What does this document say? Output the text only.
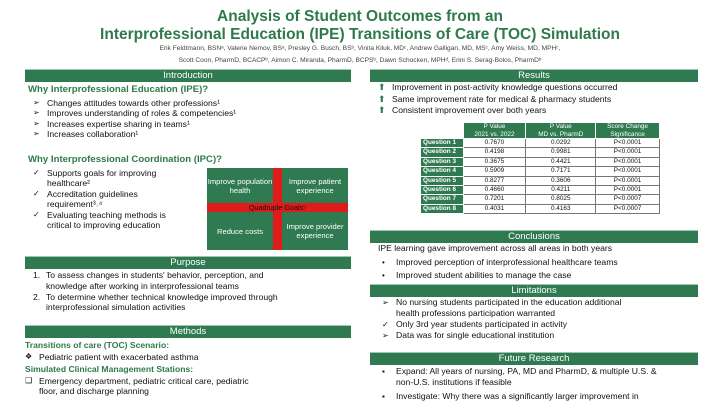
Analysis of Student Outcomes from an
Interprofessional Education (IPE) Transitions of Care (TOC) Simulation
Erik Feldtmann, BSNᵃ, Valerie Nemov, BSᵃ, Presley G. Busch, BSᵇ, Vinita Kiluk, MDᶜ, Andrew Galligan, MD, MSᶜ, Amy Weiss, MD, MPHᶜ,
Scott Coon, PharmD, BCACPᵇ, Aimon C. Miranda, PharmD, BCPSᵇ, Dawn Schocken, MPHᵈ, Erini S. Serag-Bolos, PharmDᵇ
Introduction
Why Interprofessional Education (IPE)?
➢ Changes attitudes towards other professions¹
➢ Improves understanding of roles & competencies¹
➢ Increases expertise sharing in teams¹
➢ Increases collaboration¹
Why Interprofessional Coordination (IPC)?
✓ Supports goals for improving
healthcare²
✓ Accreditation guidelines
requirement³˒⁴
✓ Evaluating teaching methods is
critical to improving education
Improve population health
Improve patient experience
Reduce costs	Improve provider experience
Quadruple Goals⁵
Purpose
1. To assess changes in students' behavior, perception, and
knowledge after working in interprofessional teams
2. To determine whether technical knowledge improved through
interprofessional simulation activities
Methods
Transitions of care (TOC) Scenario:
❖ Pediatric patient with exacerbated asthma
Simulated Clinical Management Stations:
❑ Emergency department, pediatric critical care, pediatric
floor, and discharge planning
Results
⬆ Improvement in post-activity knowledge questions occurred
⬆ Same improvement rate for medical & pharmacy students
⬆ Consistent improvement over both years
	P Value
2021 vs. 2022	P Value
MD vs. PharmD	Score Change
Significance
Question 1	0.7670	0.0292	P<0.0001
Question 2	0.4198	0.9981	P<0.0001
Question 3	0.3675	0.4421	P<0.0001
Question 4	0.5909	0.7171	P<0.0001
Question 5	0.8277	0.3606	P<0.0001
Question 6	0.4660	0.4211	P<0.0001
Question 7	0.7201	0.8025	P<0.0007
Question 8	0.4031	0.4163	P<0.0007
Conclusions
IPE learning gave improvement across all areas in both years
• Improved perception of interprofessional healthcare teams
• Improved student abilities to manage the case
Limitations
➢ No nursing students participated in the education additional
health professions participation warranted
✓ Only 3rd year students participated in activity
➢ Data was for single educational institution
Future Research
▪ Expand: All years of nursing, PA, MD and PharmD, & multiple U.S. &
non-U.S. institutions if feasible
▪ Investigate: Why there was a significantly larger improvement in
